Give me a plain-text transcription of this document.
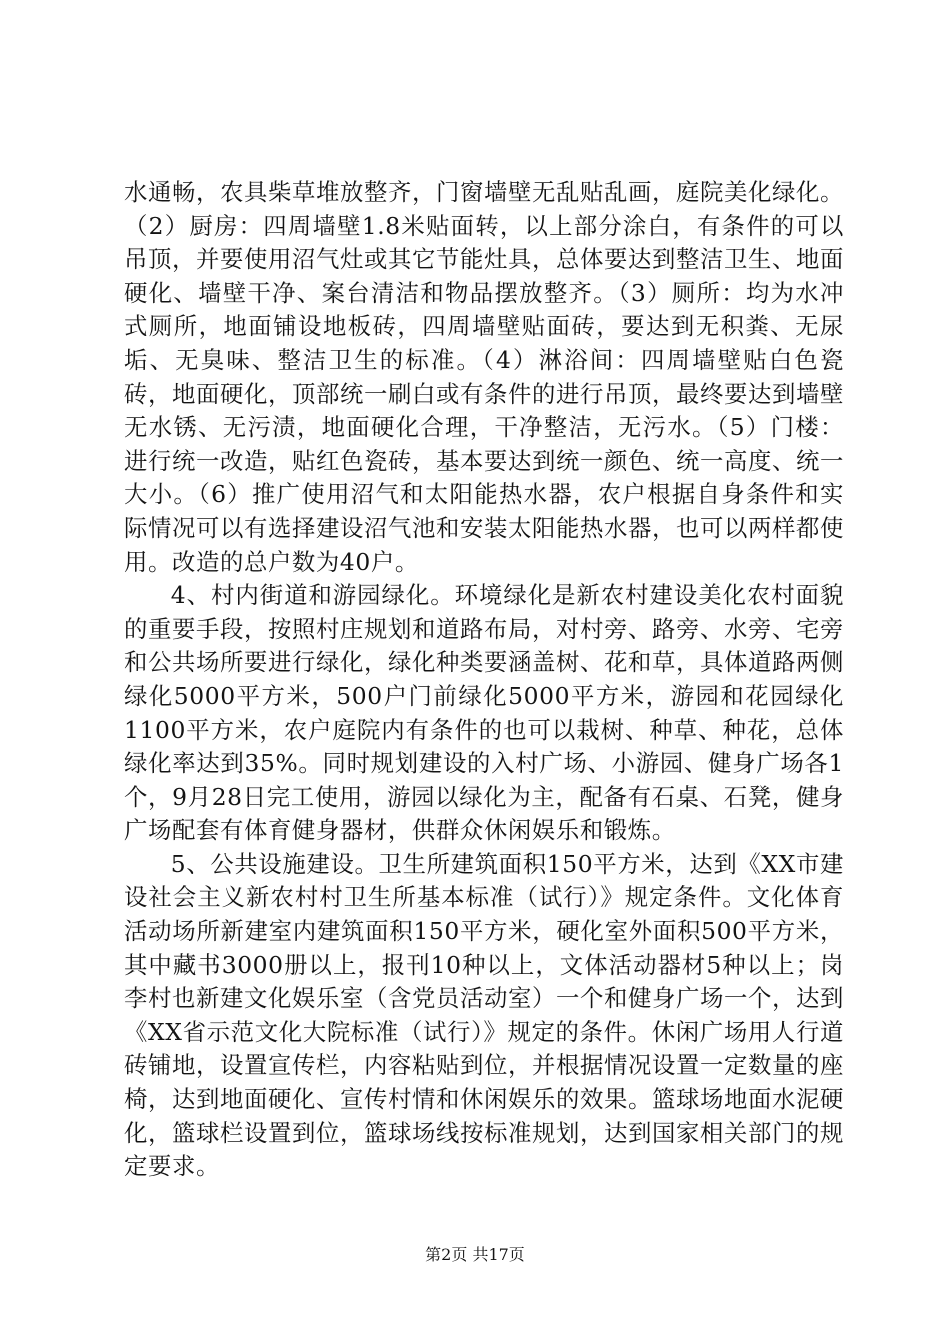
水通畅，农具柴草堆放整齐，门窗墙壁无乱贴乱画，庭院美化绿化。（2）厨房：四周墙壁1.8米贴面转，以上部分涂白，有条件的可以吊顶，并要使用沼气灶或其它节能灶具，总体要达到整洁卫生、地面硬化、墙壁干净、案台清洁和物品摆放整齐。（3）厕所：均为水冲式厕所，地面铺设地板砖，四周墙壁贴面砖，要达到无积粪、无尿垢、无臭味、整洁卫生的标准。（4）淋浴间：四周墙壁贴白色瓷砖，地面硬化，顶部统一刷白或有条件的进行吊顶，最终要达到墙壁无水锈、无污渍，地面硬化合理，干净整洁，无污水。（5）门楼：进行统一改造，贴红色瓷砖，基本要达到统一颜色、统一高度、统一大小。（6）推广使用沼气和太阳能热水器，农户根据自身条件和实际情况可以有选择建设沼气池和安装太阳能热水器，也可以两样都使用。改造的总户数为40户。

4、村内街道和游园绿化。环境绿化是新农村建设美化农村面貌的重要手段，按照村庄规划和道路布局，对村旁、路旁、水旁、宅旁和公共场所要进行绿化，绿化种类要涵盖树、花和草，具体道路两侧绿化5000平方米，500户门前绿化5000平方米，游园和花园绿化1100平方米，农户庭院内有条件的也可以栽树、种草、种花，总体绿化率达到35%。同时规划建设的入村广场、小游园、健身广场各1个，9月28日完工使用，游园以绿化为主，配备有石桌、石凳，健身广场配套有体育健身器材，供群众休闲娱乐和锻炼。

5、公共设施建设。卫生所建筑面积150平方米，达到《XX市建设社会主义新农村村卫生所基本标准（试行）》规定条件。文化体育活动场所新建室内建筑面积150平方米，硬化室外面积500平方米，其中藏书3000册以上，报刊10种以上，文体活动器材5种以上；岗李村也新建文化娱乐室（含党员活动室）一个和健身广场一个，达到《XX省示范文化大院标准（试行）》规定的条件。休闲广场用人行道砖铺地，设置宣传栏，内容粘贴到位，并根据情况设置一定数量的座椅，达到地面硬化、宣传村情和休闲娱乐的效果。篮球场地面水泥硬化，篮球栏设置到位，篮球场线按标准规划，达到国家相关部门的规定要求。

第2页 共17页
